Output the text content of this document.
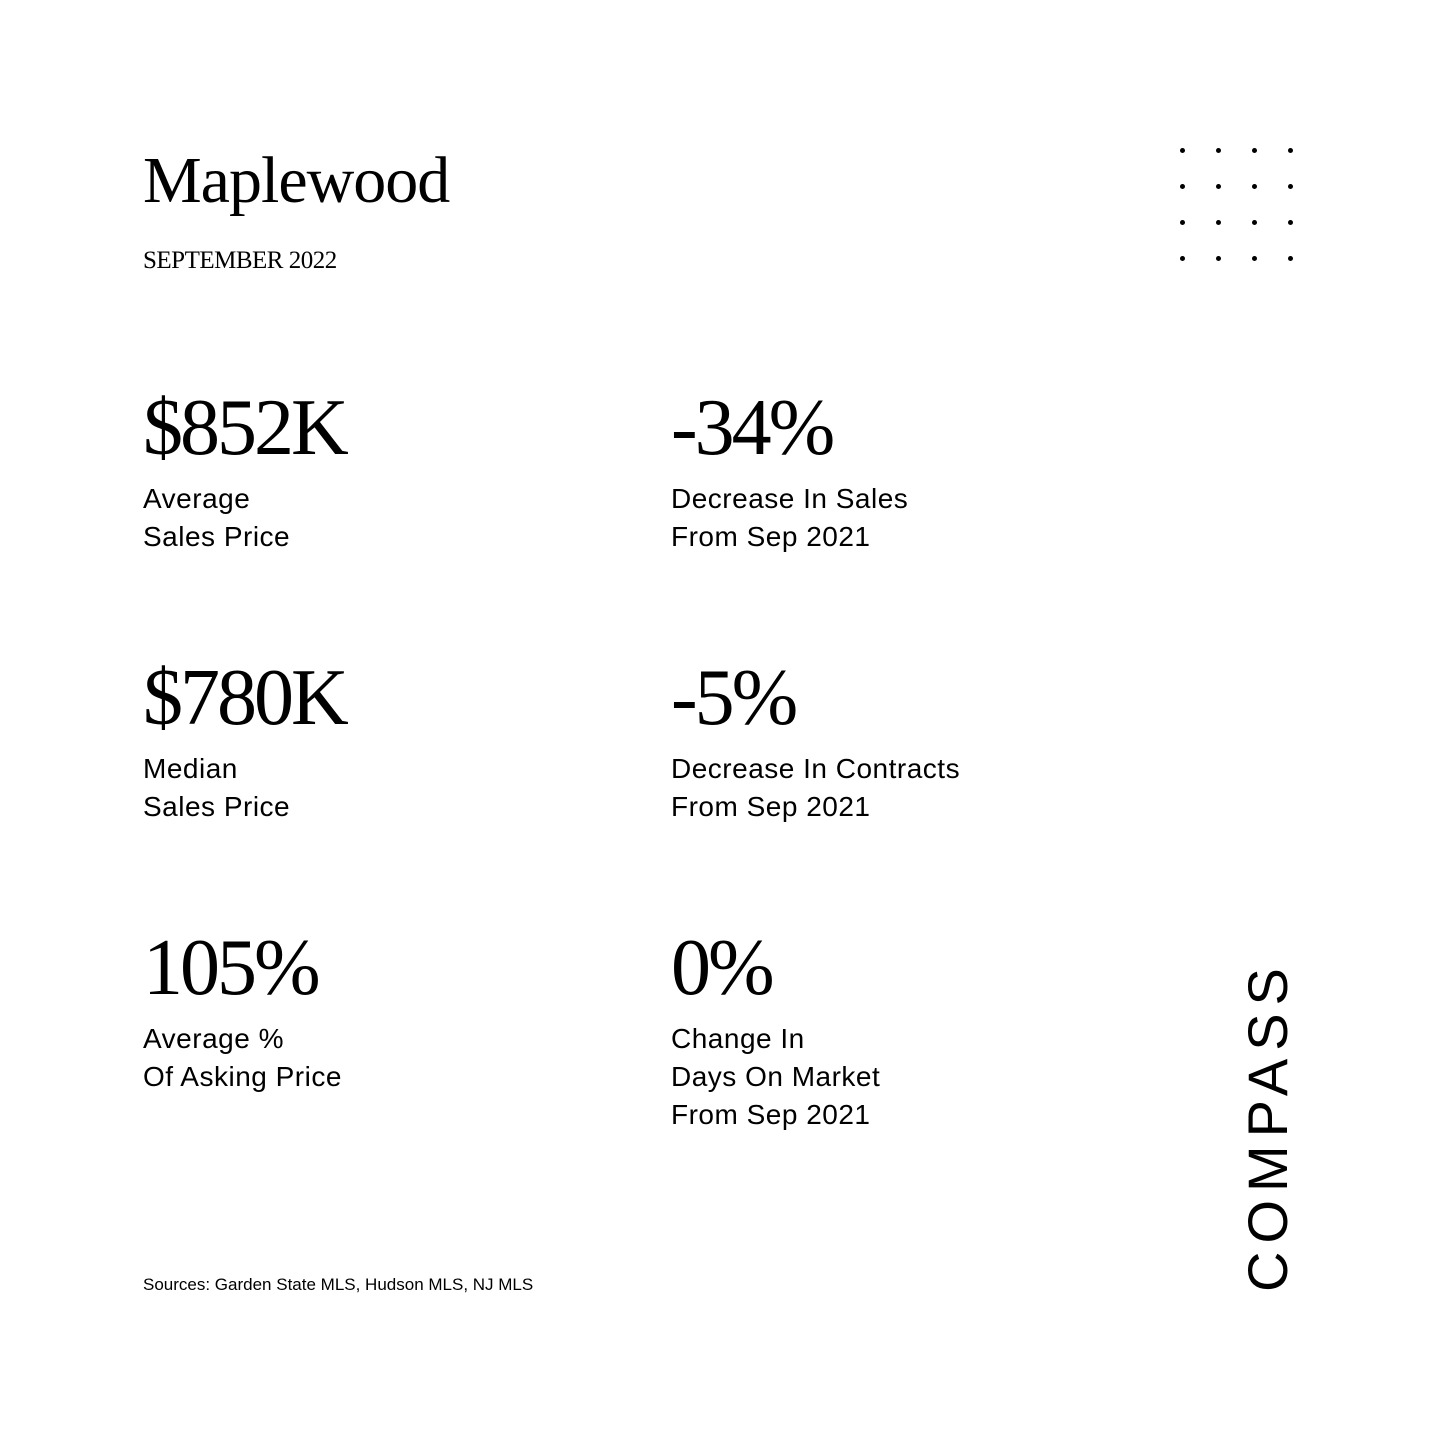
Maplewood
SEPTEMBER 2022
$852K
Average
Sales Price
-34%
Decrease In Sales
From Sep 2021
$780K
Median
Sales Price
-5%
Decrease In Contracts
From Sep 2021
105%
Average %
Of Asking Price
0%
Change In
Days On Market
From Sep 2021
Sources: Garden State MLS, Hudson MLS, NJ MLS	COMPASS
